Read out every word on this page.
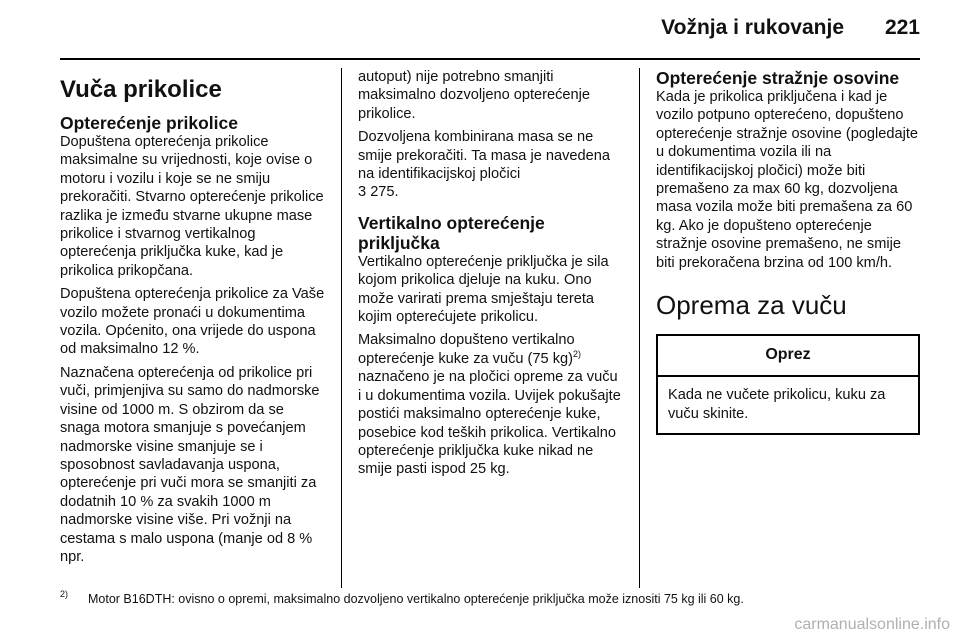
Vožnja i rukovanje 221
Vuča prikolice
Opterećenje prikolice

Dopuštena opterećenja prikolice maksimalne su vrijednosti, koje ovise o motoru i vozilu i koje se ne smiju prekoračiti. Stvarno opterećenje prikolice razlika je između stvarne ukupne mase prikolice i stvarnog vertikalnog opterećenja priključka kuke, kad je prikolica prikopčana.

Dopuštena opterećenja prikolice za Vaše vozilo možete pronaći u dokumentima vozila. Općenito, ona vrijede do uspona od maksimalno 12 %.

Naznačena opterećenja od prikolice pri vuči, primjenjiva su samo do nadmorske visine od 1000 m. S obzirom da se snaga motora smanjuje s povećanjem nadmorske visine smanjuje se i sposobnost savladavanja uspona, opterećenje pri vuči mora se smanjiti za dodatnih 10 % za svakih 1000 m nadmorske visine više. Pri vožnji na cestama s malo uspona (manje od 8 % npr.

autoput) nije potrebno smanjiti maksimalno dozvoljeno opterećenje prikolice.

Dozvoljena kombinirana masa se ne smije prekoračiti. Ta masa je navedena na identifikacijskoj pločici
3 275.

Vertikalno opterećenje priključka

Vertikalno opterećenje priključka je sila kojom prikolica djeluje na kuku. Ono može varirati prema smještaju tereta kojim opterećujete prikolicu.

Maksimalno dopušteno vertikalno opterećenje kuke za vuču (75 kg)$^{2)}$ naznačeno je na pločici opreme za vuču i u dokumentima vozila. Uvijek pokušajte postići maksimalno opterećenje kuke, posebice kod teških prikolica. Vertikalno opterećenje priključka kuke nikad ne smije pasti ispod 25 kg.

Opterećenje stražnje osovine

Kada je prikolica priključena i kad je vozilo potpuno opterećeno, dopušteno opterećenje stražnje osovine (pogledajte u dokumentima vozila ili na identifikacijskoj pločici) može biti premašeno za max 60 kg, dozvoljena masa vozila može biti premašena za 60 kg. Ako je dopušteno opterećenje stražnje osovine premašeno, ne smije biti prekoračena brzina od 100 km/h.

Oprema za vuču
Oprez
Kada ne vučete prikolicu, kuku za vuču skinite.
2) Motor B16DTH: ovisno o opremi, maksimalno dozvoljeno vertikalno opterećenje priključka može iznositi 75 kg ili 60 kg.
carmanualsonline.info
